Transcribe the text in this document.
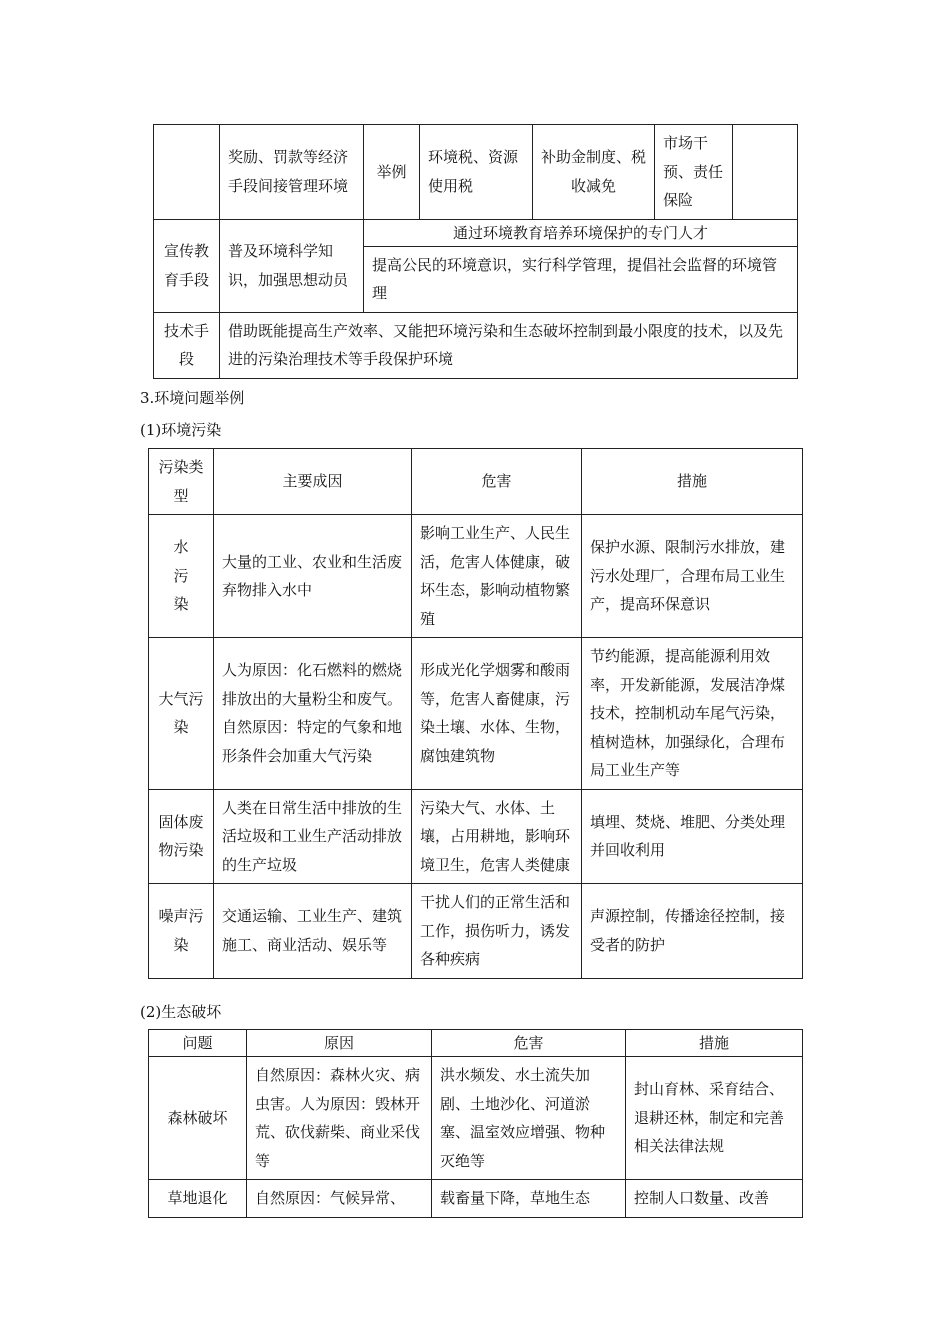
	奖励、罚款等经济手段间接管理环境	举例	环境税、资源使用税	补助金制度、税收减免	市场干预、责任保险	
宣传教育手段	普及环境科学知识，加强思想动员	通过环境教育培养环境保护的专门人才				
		提高公民的环境意识，实行科学管理，提倡社会监督的环境管理				
技术手段	借助既能提高生产效率、又能把环境污染和生态破坏控制到最小限度的技术，以及先进的污染治理技术等手段保护环境					

3.环境问题举例

(1)环境污染

污染类型	主要成因	危害	措施
水污染	大量的工业、农业和生活废弃物排入水中	影响工业生产、人民生活，危害人体健康，破坏生态，影响动植物繁殖	保护水源、限制污水排放，建污水处理厂，合理布局工业生产，提高环保意识
大气污染	人为原因：化石燃料的燃烧排放出的大量粉尘和废气。自然原因：特定的气象和地形条件会加重大气污染	形成光化学烟雾和酸雨等，危害人畜健康，污染土壤、水体、生物，腐蚀建筑物	节约能源，提高能源利用效率，开发新能源，发展洁净煤技术，控制机动车尾气污染，植树造林，加强绿化，合理布局工业生产等
固体废物污染	人类在日常生活中排放的生活垃圾和工业生产活动排放的生产垃圾	污染大气、水体、土壤，占用耕地，影响环境卫生，危害人类健康	填埋、焚烧、堆肥、分类处理并回收利用
噪声污染	交通运输、工业生产、建筑施工、商业活动、娱乐等	干扰人们的正常生活和工作，损伤听力，诱发各种疾病	声源控制，传播途径控制，接受者的防护

(2)生态破坏

问题	原因	危害	措施
森林破坏	自然原因：森林火灾、病虫害。人为原因：毁林开荒、砍伐薪柴、商业采伐等	洪水频发、水土流失加剧、土地沙化、河道淤塞、温室效应增强、物种灭绝等	封山育林、采育结合、退耕还林，制定和完善相关法律法规
草地退化	自然原因：气候异常、	载畜量下降，草地生态	控制人口数量、改善
